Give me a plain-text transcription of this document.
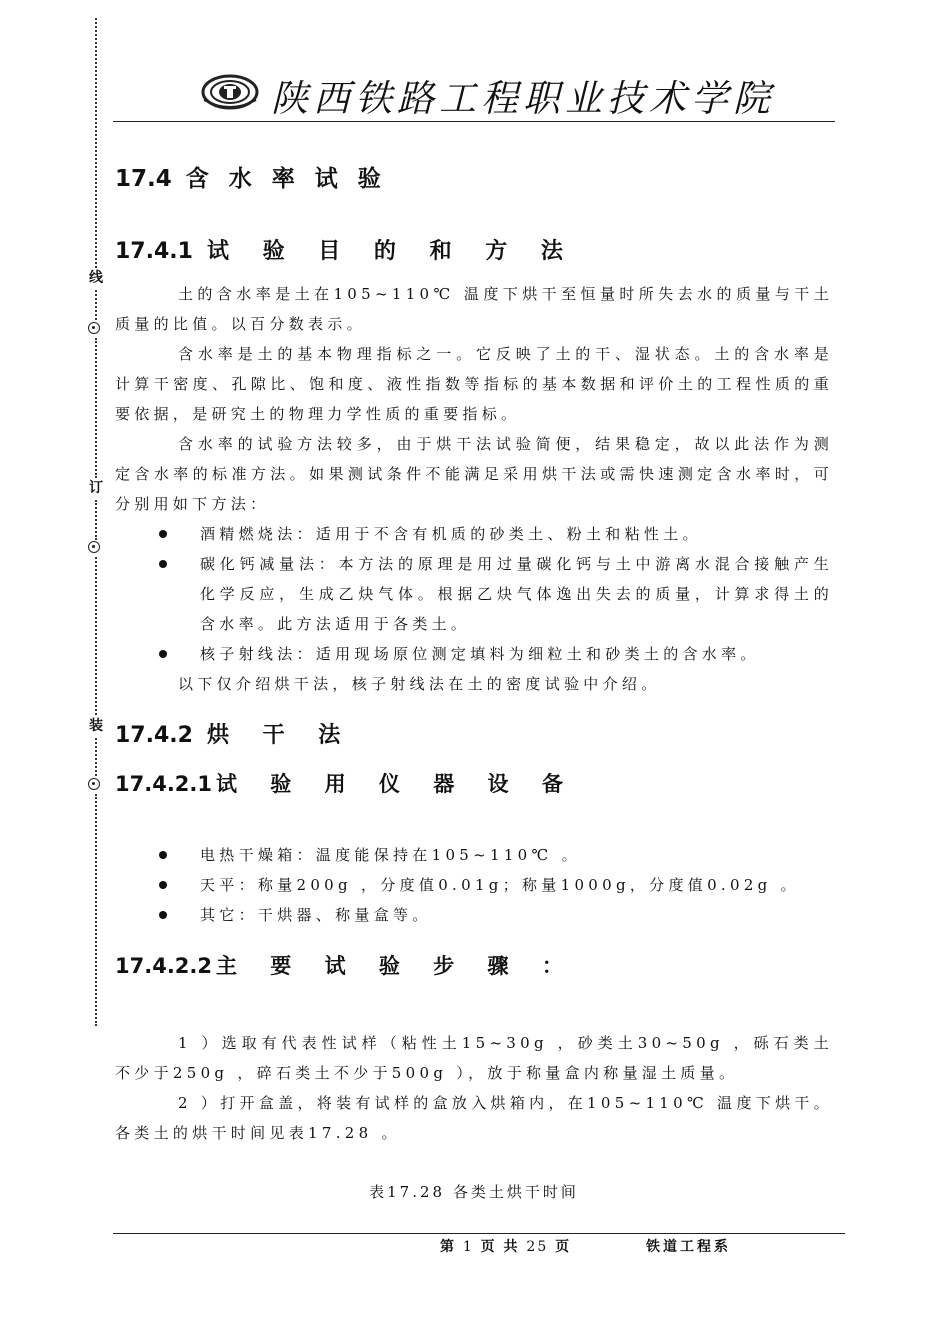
线
订
装
陕西铁路工程职业技术学院
17.4 含 水 率 试 验
17.4.1 试 验 目 的 和 方 法

土的含水率是土在105~110℃ 温度下烘干至恒量时所失去水的质量与干土质量的比值。以百分数表示。

含水率是土的基本物理指标之一。它反映了土的干、湿状态。土的含水率是计算干密度、孔隙比、饱和度、液性指数等指标的基本数据和评价土的工程性质的重要依据，是研究土的物理力学性质的重要指标。

含水率的试验方法较多，由于烘干法试验简便，结果稳定，故以此法作为测定含水率的标准方法。如果测试条件不能满足采用烘干法或需快速测定含水率时，可分别用如下方法：

酒精燃烧法：适用于不含有机质的砂类土、粉土和粘性土。
碳化钙减量法：本方法的原理是用过量碳化钙与土中游离水混合接触产生化学反应，生成乙炔气体。根据乙炔气体逸出失去的质量，计算求得土的含水率。此方法适用于各类土。
核子射线法：适用现场原位测定填料为细粒土和砂类土的含水率。

以下仅介绍烘干法，核子射线法在土的密度试验中介绍。

17.4.2 烘 干 法
17.4.2.1 试 验 用 仪 器 设 备
电热干燥箱：温度能保持在105~110℃ 。
天平：称量200g ，分度值0.01g；称量1000g，分度值0.02g 。
其它：干烘器、称量盒等。
17.4.2.2 主 要 试 验 步 骤 ：

1 ）选取有代表性试样（粘性土15~30g ，砂类土30~50g ，砾石类土不少于250g ，碎石类土不少于500g ），放于称量盒内称量湿土质量。

2 ）打开盒盖，将装有试样的盒放入烘箱内，在105~110℃ 温度下烘干。各类土的烘干时间见表17.28 。

表17.28 各类土烘干时间
第 1 页 共 25 页	铁道工程系
